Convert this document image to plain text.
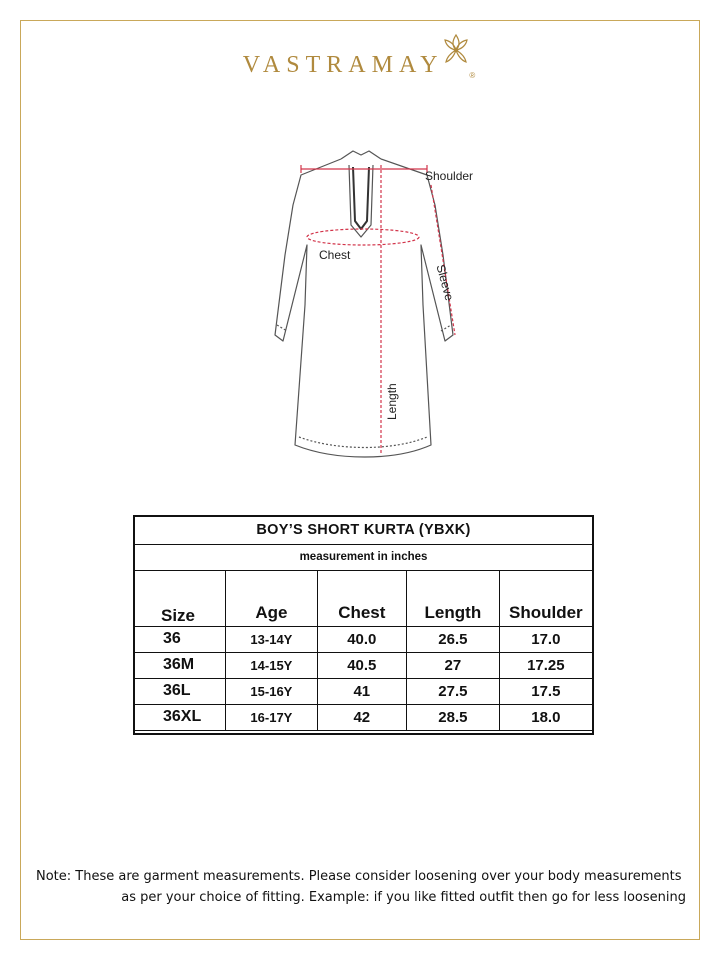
VASTRAMAY	$_®$
Shoulder
Chest
Sleeve
Length
BOY’S SHORT KURTA (YBXK)				
measurement in inches				
Size	Age	Chest	Length	Shoulder
36	13-14Y	40.0	26.5	17.0
36M	14-15Y	40.5	27	17.25
36L	15-16Y	41	27.5	17.5
36XL	16-17Y	42	28.5	18.0

Note: These are garment measurements. Please consider loosening over your body measurements
as per your choice of fitting. Example: if you like fitted outfit then go for less loosening
